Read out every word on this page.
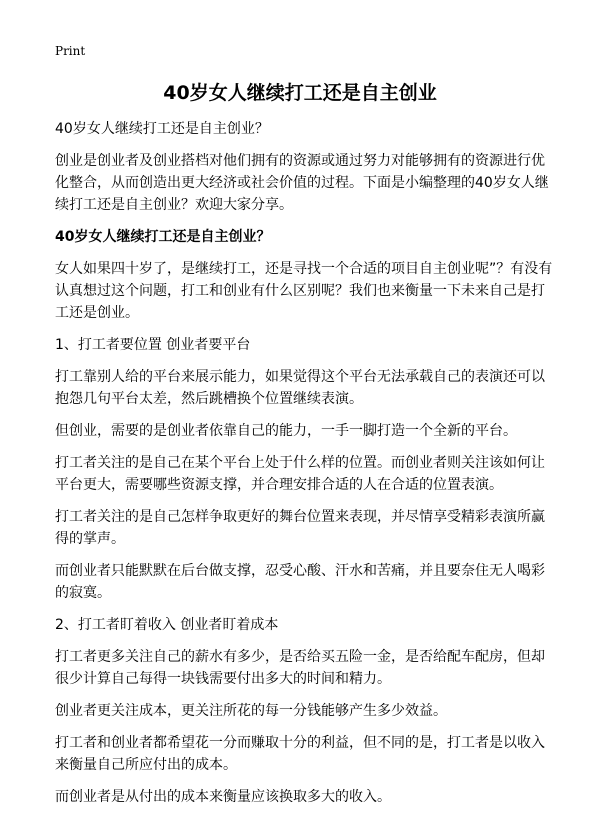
Print
40岁女人继续打工还是自主创业

40岁女人继续打工还是自主创业？

创业是创业者及创业搭档对他们拥有的资源或通过努力对能够拥有的资源进行优化整合，从而创造出更大经济或社会价值的过程。下面是小编整理的40岁女人继续打工还是自主创业？欢迎大家分享。

40岁女人继续打工还是自主创业？

女人如果四十岁了，是继续打工，还是寻找一个合适的项目自主创业呢”？有没有认真想过这个问题，打工和创业有什么区别呢？我们也来衡量一下未来自己是打工还是创业。

1、打工者要位置 创业者要平台

打工靠别人给的平台来展示能力，如果觉得这个平台无法承载自己的表演还可以抱怨几句平台太差，然后跳槽换个位置继续表演。

但创业，需要的是创业者依靠自己的能力，一手一脚打造一个全新的平台。

打工者关注的是自己在某个平台上处于什么样的位置。而创业者则关注该如何让平台更大，需要哪些资源支撑，并合理安排合适的人在合适的位置表演。

打工者关注的是自己怎样争取更好的舞台位置来表现，并尽情享受精彩表演所赢得的掌声。

而创业者只能默默在后台做支撑，忍受心酸、汗水和苦痛，并且要奈住无人喝彩的寂寞。

2、打工者盯着收入 创业者盯着成本

打工者更多关注自己的薪水有多少，是否给买五险一金，是否给配车配房，但却很少计算自己每得一块钱需要付出多大的时间和精力。

创业者更关注成本，更关注所花的每一分钱能够产生多少效益。

打工者和创业者都希望花一分而赚取十分的利益，但不同的是，打工者是以收入来衡量自己所应付出的成本。

而创业者是从付出的成本来衡量应该换取多大的收入。
